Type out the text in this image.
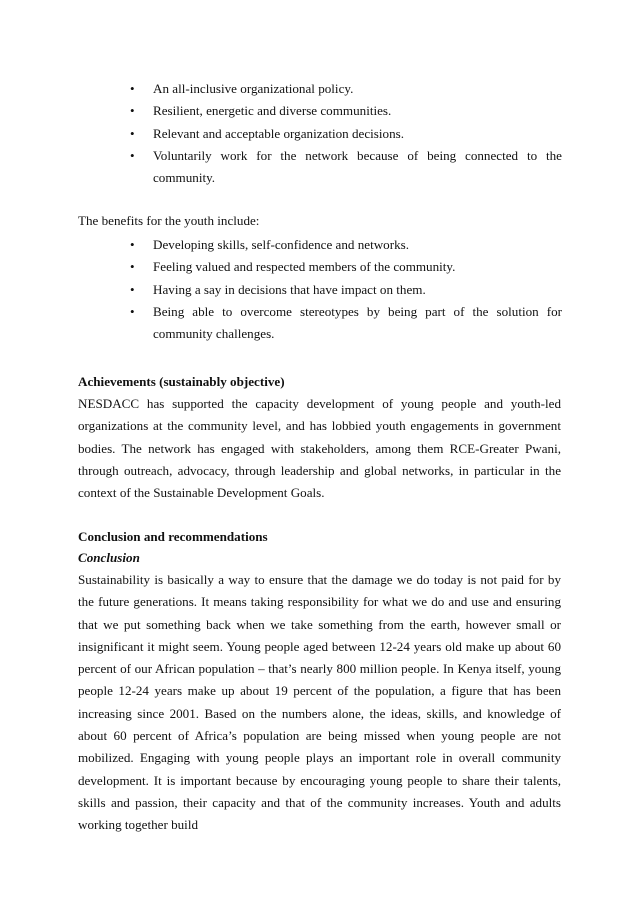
• An all-inclusive organizational policy.
• Resilient, energetic and diverse communities.
• Relevant and acceptable organization decisions.
• Voluntarily work for the network because of being connected to the community.

The benefits for the youth include:

• Developing skills, self-confidence and networks.
• Feeling valued and respected members of the community.
• Having a say in decisions that have impact on them.
• Being able to overcome stereotypes by being part of the solution for community challenges.

Achievements (sustainably objective)

NESDACC has supported the capacity development of young people and youth-led organizations at the community level, and has lobbied youth engagements in government bodies. The network has engaged with stakeholders, among them RCE-Greater Pwani, through outreach, advocacy, through leadership and global networks, in particular in the context of the Sustainable Development Goals.

Conclusion and recommendations

Conclusion

Sustainability is basically a way to ensure that the damage we do today is not paid for by the future generations. It means taking responsibility for what we do and use and ensuring that we put something back when we take something from the earth, however small or insignificant it might seem. Young people aged between 12-24 years old make up about 60 percent of our African population – that’s nearly 800 million people. In Kenya itself, young people 12-24 years make up about 19 percent of the population, a figure that has been increasing since 2001. Based on the numbers alone, the ideas, skills, and knowledge of about 60 percent of Africa’s population are being missed when young people are not mobilized. Engaging with young people plays an important role in overall community development. It is important because by encouraging young people to share their talents, skills and passion, their capacity and that of the community increases. Youth and adults working together build
